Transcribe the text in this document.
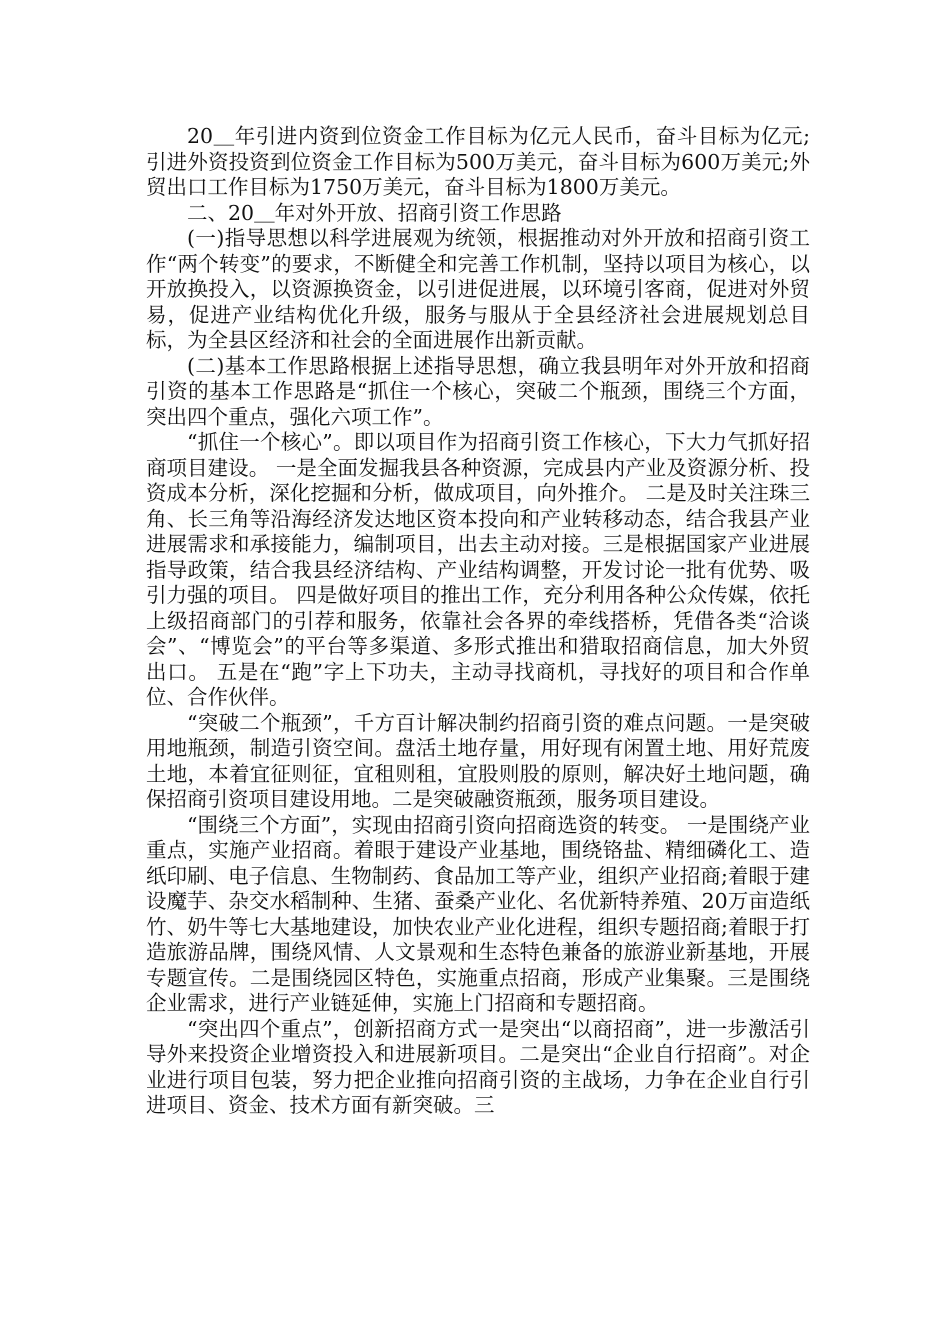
20＿年引进内资到位资金工作目标为亿元人民币，奋斗目标为亿元;引进外资投资到位资金工作目标为500万美元，奋斗目标为600万美元;外贸出口工作目标为1750万美元，奋斗目标为1800万美元。

二、20＿年对外开放、招商引资工作思路

(一)指导思想以科学进展观为统领，根据推动对外开放和招商引资工作“两个转变”的要求，不断健全和完善工作机制，坚持以项目为核心，以开放换投入，以资源换资金，以引进促进展，以环境引客商，促进对外贸易，促进产业结构优化升级，服务与服从于全县经济社会进展规划总目标，为全县区经济和社会的全面进展作出新贡献。

(二)基本工作思路根据上述指导思想，确立我县明年对外开放和招商引资的基本工作思路是“抓住一个核心，突破二个瓶颈，围绕三个方面，突出四个重点，强化六项工作”。

“抓住一个核心”。即以项目作为招商引资工作核心，下大力气抓好招商项目建设。 一是全面发掘我县各种资源，完成县内产业及资源分析、投资成本分析，深化挖掘和分析，做成项目，向外推介。 二是及时关注珠三角、长三角等沿海经济发达地区资本投向和产业转移动态，结合我县产业进展需求和承接能力，编制项目，出去主动对接。三是根据国家产业进展指导政策，结合我县经济结构、产业结构调整，开发讨论一批有优势、吸引力强的项目。 四是做好项目的推出工作，充分利用各种公众传媒，依托上级招商部门的引荐和服务，依靠社会各界的牵线搭桥，凭借各类“洽谈会”、“博览会”的平台等多渠道、多形式推出和猎取招商信息，加大外贸出口。 五是在“跑”字上下功夫，主动寻找商机，寻找好的项目和合作单位、合作伙伴。

“突破二个瓶颈”，千方百计解决制约招商引资的难点问题。一是突破用地瓶颈，制造引资空间。盘活土地存量，用好现有闲置土地、用好荒废土地，本着宜征则征，宜租则租，宜股则股的原则，解决好土地问题，确保招商引资项目建设用地。二是突破融资瓶颈，服务项目建设。

“围绕三个方面”，实现由招商引资向招商选资的转变。 一是围绕产业重点，实施产业招商。着眼于建设产业基地，围绕铬盐、精细磷化工、造纸印刷、电子信息、生物制药、食品加工等产业，组织产业招商;着眼于建设魔芋、杂交水稻制种、生猪、蚕桑产业化、名优新特养殖、20万亩造纸竹、奶牛等七大基地建设，加快农业产业化进程，组织专题招商;着眼于打造旅游品牌，围绕风情、人文景观和生态特色兼备的旅游业新基地，开展专题宣传。二是围绕园区特色，实施重点招商，形成产业集聚。三是围绕企业需求，进行产业链延伸，实施上门招商和专题招商。

“突出四个重点”，创新招商方式一是突出“以商招商”，进一步激活引导外来投资企业增资投入和进展新项目。二是突出“企业自行招商”。对企业进行项目包装，努力把企业推向招商引资的主战场，力争在企业自行引进项目、资金、技术方面有新突破。三
